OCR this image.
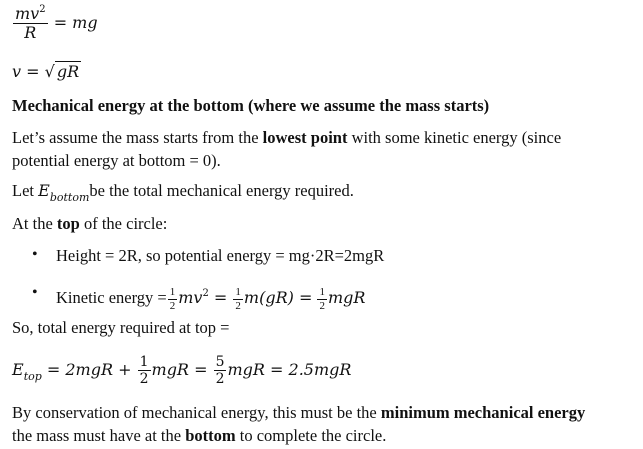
$\frac{mv^2}{R}$ = mg
v = √ gR
Mechanical energy at the bottom (where we assume the mass starts)
Let’s assume the mass starts from the lowest point with some kinetic energy (since
potential energy at bottom = 0).
Let $E_{bottom}be$ the total mechanical energy required.
At the top of the circle:
• Height = 2R, so potential energy = mg·2R=2mgR
• Kinetic energy = $\frac{1}{2} mv^2 = \frac{1}{2} m(gR) = \frac{1}{2}$ mgR
So, total energy required at top =
$E_{top} = 2mgR + \frac{1}{2}$ mgR = $\frac{5}{2}$ mgR = 2.5mgR
By conservation of mechanical energy, this must be the minimum mechanical energy
the mass must have at the bottom to complete the circle.
